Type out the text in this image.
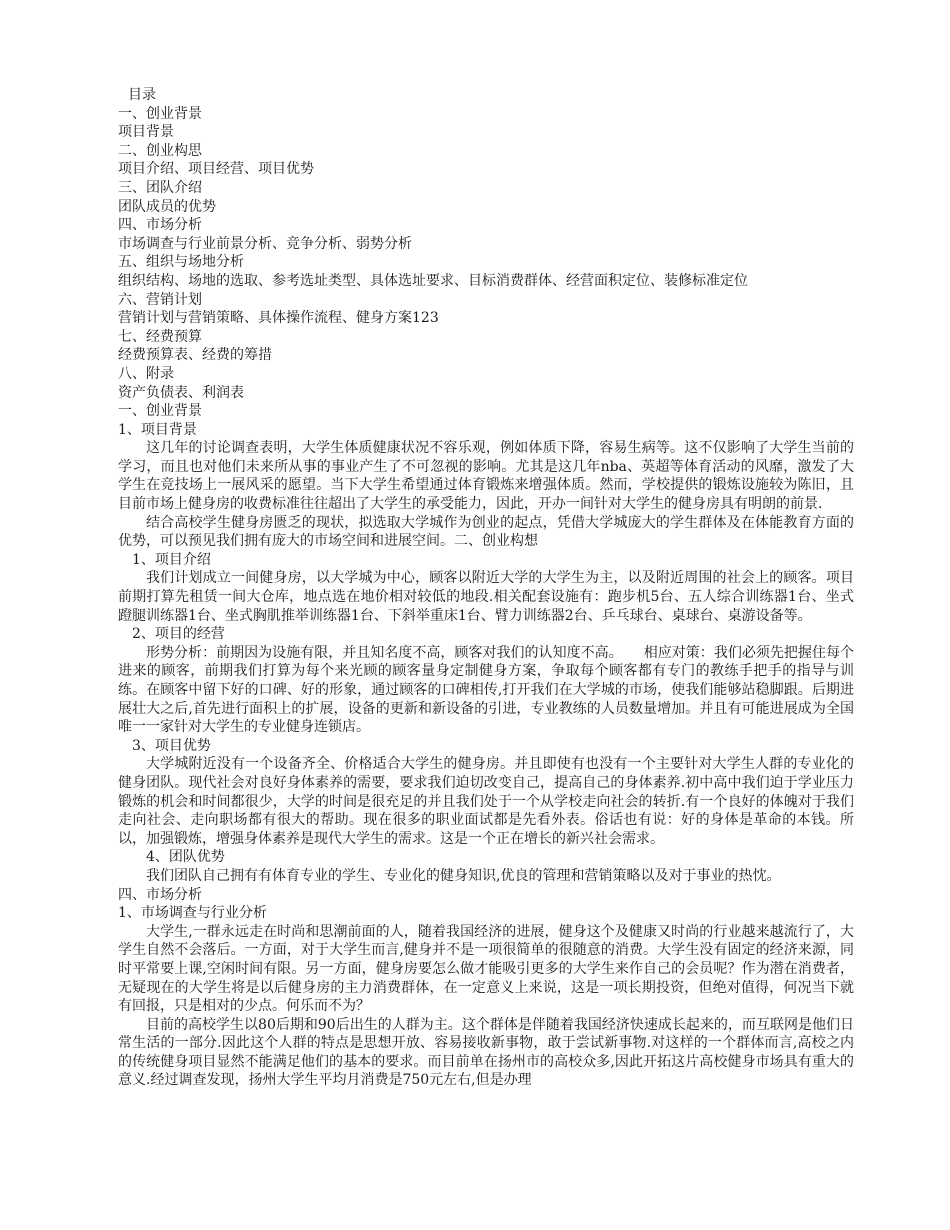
目录
一、创业背景
项目背景
二、创业构思
项目介绍、项目经营、项目优势
三、团队介绍
团队成员的优势
四、市场分析
市场调查与行业前景分析、竞争分析、弱势分析
五、组织与场地分析
组织结构、场地的选取、参考选址类型、具体选址要求、目标消费群体、经营面积定位、装修标准定位
六、营销计划
营销计划与营销策略、具体操作流程、健身方案123
七、经费预算
经费预算表、经费的筹措
八、附录
资产负债表、利润表
一、创业背景
1、项目背景

这几年的讨论调查表明，大学生体质健康状况不容乐观，例如体质下降，容易生病等。这不仅影响了大学生当前的学习，而且也对他们未来所从事的事业产生了不可忽视的影响。尤其是这几年nba、英超等体育活动的风靡，激发了大学生在竞技场上一展风采的愿望。当下大学生希望通过体育锻炼来增强体质。然而，学校提供的锻炼设施较为陈旧，且目前市场上健身房的收费标准往往超出了大学生的承受能力，因此，开办一间针对大学生的健身房具有明朗的前景.

结合高校学生健身房匮乏的现状，拟选取大学城作为创业的起点，凭借大学城庞大的学生群体及在体能教育方面的优势，可以预见我们拥有庞大的市场空间和进展空间。二、创业构想

1、项目介绍

我们计划成立一间健身房，以大学城为中心，顾客以附近大学的大学生为主，以及附近周围的社会上的顾客。项目前期打算先租赁一间大仓库，地点选在地价相对较低的地段.相关配套设施有：跑步机5台、五人综合训练器1台、坐式蹬腿训练器1台、坐式胸肌推举训练器1台、下斜举重床1台、臂力训练器2台、乒乓球台、桌球台、桌游设备等。

2、项目的经营

形势分析：前期因为设施有限，并且知名度不高，顾客对我们的认知度不高。　　相应对策：我们必须先把握住每个进来的顾客，前期我们打算为每个来光顾的顾客量身定制健身方案，争取每个顾客都有专门的教练手把手的指导与训练。在顾客中留下好的口碑、好的形象，通过顾客的口碑相传,打开我们在大学城的市场，使我们能够站稳脚跟。后期进展壮大之后,首先进行面积上的扩展，设备的更新和新设备的引进，专业教练的人员数量增加。并且有可能进展成为全国唯一一家针对大学生的专业健身连锁店。

3、项目优势

大学城附近没有一个设备齐全、价格适合大学生的健身房。并且即使有也没有一个主要针对大学生人群的专业化的健身团队。现代社会对良好身体素养的需要，要求我们迫切改变自己，提高自己的身体素养.初中高中我们迫于学业压力锻炼的机会和时间都很少，大学的时间是很充足的并且我们处于一个从学校走向社会的转折.有一个良好的体魄对于我们走向社会、走向职场都有很大的帮助。现在很多的职业面试都是先看外表。俗话也有说：好的身体是革命的本钱。所以，加强锻炼，增强身体素养是现代大学生的需求。这是一个正在增长的新兴社会需求。

4、团队优势

我们团队自己拥有有体育专业的学生、专业化的健身知识,优良的管理和营销策略以及对于事业的热忱。

四、市场分析
1、市场调查与行业分析

大学生,一群永远走在时尚和思潮前面的人，随着我国经济的进展，健身这个及健康又时尚的行业越来越流行了，大学生自然不会落后。一方面，对于大学生而言,健身并不是一项很简单的很随意的消费。大学生没有固定的经济来源，同时平常要上课,空闲时间有限。另一方面，健身房要怎么做才能吸引更多的大学生来作自己的会员呢？作为潜在消费者，无疑现在的大学生将是以后健身房的主力消费群体，在一定意义上来说，这是一项长期投资，但绝对值得，何况当下就有回报，只是相对的少点。何乐而不为？

目前的高校学生以80后期和90后出生的人群为主。这个群体是伴随着我国经济快速成长起来的，而互联网是他们日常生活的一部分.因此这个人群的特点是思想开放、容易接收新事物，敢于尝试新事物.对这样的一个群体而言,高校之内的传统健身项目显然不能满足他们的基本的要求。而目前单在扬州市的高校众多,因此开拓这片高校健身市场具有重大的意义.经过调查发现，扬州大学生平均月消费是750元左右,但是办理
